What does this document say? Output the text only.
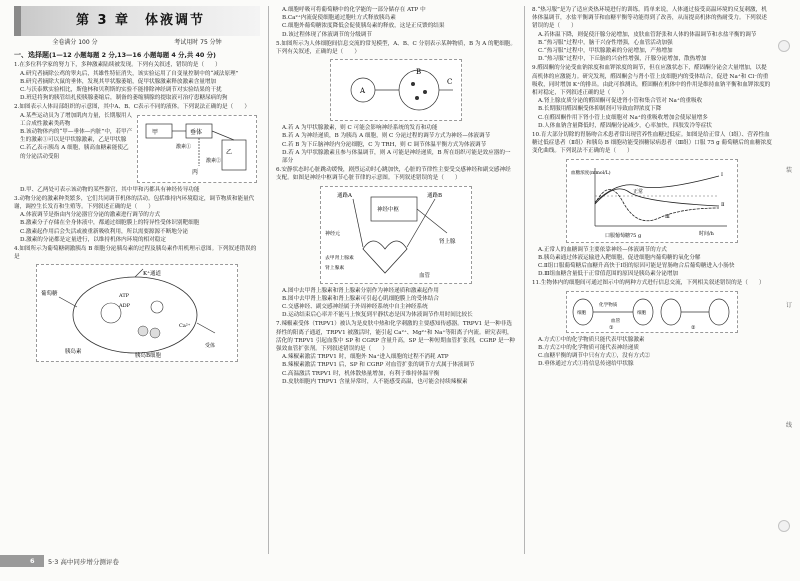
第 3 章　体液调节
全卷满分 100 分	考试用时 75 分钟
一、选择题(1—12 小题每题 2 分,13—16 小题每题 4 分,共 40 分)
1.在多位科学家的努力下，多种激素陆续被发现。下列有关叙述，错误的是（　　）
A.研究者摘除公鸡的睾丸后，其雄性特征消失，该实验运用了自变量控制中的“减法原理”
B.研究者摘除大鼠的垂体，发现其甲状腺萎缩，促甲状腺激素释放激素含量增加
C.与沃泰默实验相比，斯他林和贝利斯的实验不能排除神经调节对实验结果的干扰
D.班廷将狗的胰管结扎使胰腺萎缩后，制备的萎缩胰腺的提取液可治疗患糖尿病的狗
2.如图表示人体局部组织的示意图，其中A、B、C表示不同的液体。下列说法正确的是（　　）
A.某些运动员为了增加肌肉力量，长期服用人工合成性激素类药物
B.该动物体内的“甲—垂体—内脏”中，若甲产生的激素①可以是甲状腺激素，乙是甲状腺
C.若乙表示胰岛 A 细胞，胰高血糖素能使乙的分泌活动受阻
甲	垂体
激素①
乙
丙
激素②
D.甲、乙两处可表示该动物的某些器官，其中甲和丙都具有神经传导功能
3.动物分泌的激素种类繁多，它们共同调节机体的活动。包括维持内环境稳定，调节物质和能量代谢，调控生长发育和生殖等。下列叙述正确的是（　　）
A.体液调节是指由内分泌器官分泌的激素进行调节的方式
B.激素分子存储在全身体液中，都通过细胞膜上的特异性受体识别靶细胞
C.激素起作用后会失活或被重新吸收利用，所以需要源源不断地分泌
D.激素的分泌都是定量进行，以维持机体内环境的相对稳定
4.如图所示为葡萄糖刺激胰岛 B 细胞分泌胰岛素的过程及胰岛素作用机理示意图。下列叙述错误的是
葡萄糖
K⁺通道
ATP
ADP
Ca²⁺
胰岛素
胰岛B细胞
受体
A.细胞呼吸可将葡萄糖中的化学能的一部分储存在 ATP 中
B.Ca²⁺内流促使细胞通过胞吐方式释放胰岛素
C.细胞外葡萄糖浓度降低会促使胰岛素的释放，这是正反馈的结果
D.该过程体现了体液调节的分级调节
5.如图所示为人体细胞间信息交流的常见模型，A、B、C 分别表示某种物质，B 为 A 的靶细胞。下列有关叙述，正确的是（　　）
A
B
C
A.若 A 为甲状腺激素，则 C 可能会影响神经系统的发育和功能
B.若 A 为神经递质，B 为胰岛 A 细胞，则 C 分泌过程的调节方式为神经—体液调节
C.若 B 为下丘脑神经内分泌细胞，C 为 TRH，则 C 调节体温平衡方式为体液调节
D.若 A 为甲状腺激素且参与体温调节，则 A 可能是神经递质，B 所在组织可能是效应器的一部分
6.安静状态时心脏跳动缓慢，剧烈运动时心跳加快，心脏的节律性主要受交感神经和副交感神经支配。如图是神经中枢调节心脏节律的示意图。下列叙述错误的是（　　）
通路A	通路B
神经中枢
神经元
肾上腺
血管
去甲肾上腺素
肾上腺素
A.图中去甲肾上腺素和肾上腺素分别作为神经递质和激素起作用
B.图中去甲肾上腺素和肾上腺素可引起心肌细胞膜上的受体结合
C.交感神经、副交感神经属于外周神经系统中自主神经系统
D.运动结束后心率并不能马上恢复到平静状态是因为体液调节作用时间比较长
7.辣椒素受体（TRPV1）被认为是皮肤中热和化学刺激的主要感知传感器。TRPV1 是一种非选择性的阳离子通道，TRPV1 被激活时，能引起 Ca²⁺、Mg²⁺和 Na⁺等阳离子内流。研究表明，活化的 TRPV1 引起血浆中 SP 和 CGRP 含量升高，SP 是一种短期血管扩张剂，CGRP 是一种强效血管扩张剂。下列叙述错误的是（　　）
A.辣椒素激活 TRPV1 时，细胞外 Na⁺进入细胞的过程不消耗 ATP
B.辣椒素激活 TRPV1 后，SP 和 CGRP 对血管扩张的调节方式属于体液调节
C.高温激活 TRPV1 时，机体散热量增加，有利于维持体温平衡
D.皮肤细胞内 TRPV1 含量异常时，人不能感受高温，也可能会持续辣椒素
8.“热习服”是为了适应炎热环境进行的训练。简单来说，人体通过接受高温环境的反复刺激，机体体温调节，水盐平衡调节和血糖平衡等功能得到了改善，从而提高机体的热耐受力。下列叙述错误的是（　　）
A.若体温下降，则促使汗腺分泌增加，皮肤血管舒张和人体的体温调节和水盐平衡的调节
B.“热习服”过程中，脑干兴奋性增强，心血管活动加强
C.“热习服”过程中，甲状腺激素的分泌增加，产热增加
D.“热习服”过程中，下丘脑的兴奋性增强，汗腺分泌增加，散热增加
9.醛固酮的分泌受血钠浓度和血钾浓度的调节，但在应激状态下，醛固酮分泌会大量增加，以提高机体的应激能力。研究发现，醛固酮会与肾小管上皮细胞内的受体结合，促进 Na⁺和 Cl⁻的重吸收，同时增加 K⁺的排出。由此可推测出，醛固酮在机体中的作用是维持血钠平衡和血钾浓度的相对稳定，下列叙述正确的是（　　）
A.肾上腺皮质分泌的醛固酮可促进肾小管和集合管对 Na⁺的重吸收
B.长期服用醛固酮受体抑制剂可导致血钾浓度下降
C.在醛固酮作用下肾小管上皮细胞对 Na⁺的重吸收增加会使尿量增多
D.人体血钠含量降低时，醛固酮分泌减少，心率加快，四肢发冷等症状
10.育大部分切除的胃肠吻合术患者常出现营养性血糖过低症。如图是给正常人（Ⅰ组）、营养性血糖过低症患者（Ⅱ组）和胰岛 B 细胞功能受损糖尿病患者（Ⅲ组）口服 75 g 葡萄糖后的血糖浓度变化曲线。下列说法不正确的是（　　）
血糖浓度(mmol/L)
时间/h
Ⅰ
Ⅱ
Ⅲ
口服葡萄糖75 g
正常
A.正常人的血糖调节主要依靠神经—体液调节的方式
B.胰岛素通过体液运输进入靶细胞，促进细胞内葡萄糖的氧化分解
C.Ⅱ组口服葡萄糖后血糖升高快于Ⅰ组的原因可能是胃肠吻合后葡萄糖进入小肠快
D.Ⅲ组血糖含量低于正常值范围的原因是胰岛素分泌增加
11.生物体内的细胞间可通过图示中的两种方式进行信息交流，下列相关叙述错误的是（　　）
细胞
化学物质
血管
细胞
①	②
A.方式①中的化学物质只能代表甲状腺激素
B.方式②中的化学物质可能代表神经递质
C.血糖平衡的调节中只有方式①，没有方式②
D.垂体通过方式①将信息传递给甲状腺
装
订
线
6 5·3 高中同步增分测评卷
